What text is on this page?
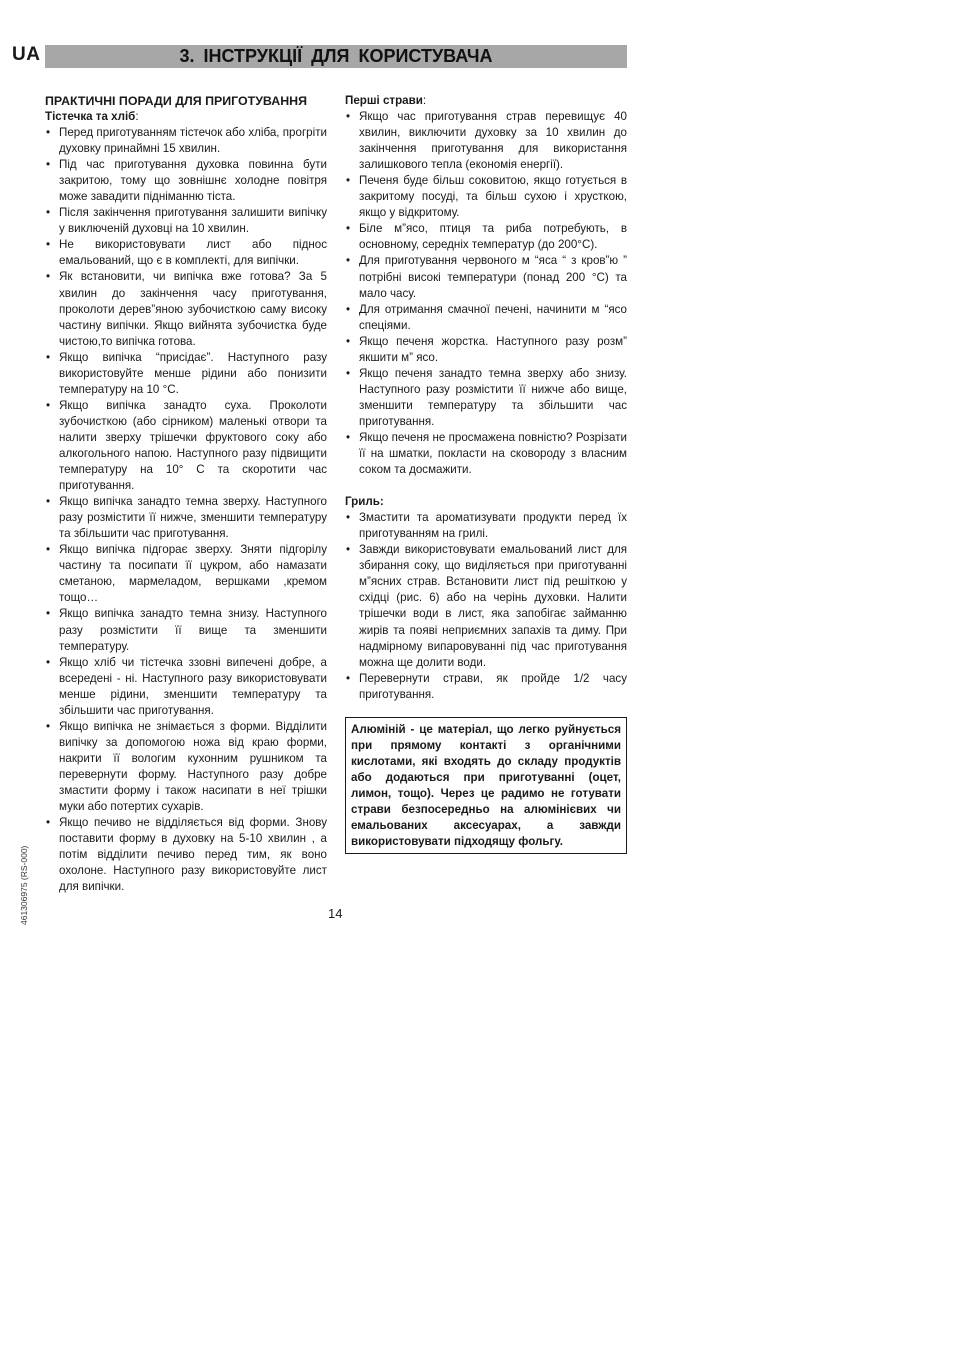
UA	3. ІНСТРУКЦІЇ ДЛЯ КОРИСТУВАЧА
ПРАКТИЧНІ ПОРАДИ ДЛЯ ПРИГОТУВАННЯ
Тістечка та хліб:
• Перед приготуванням тістечок або хліба, прогріти духовку принаймні 15 хвилин.
• Під час приготування духовка повинна бути закритою, тому що зовнішнє холодне повітря може завадити підніманню тіста.
• Після закінчення приготування залишити випічку у виключеній духовці на 10 хвилин.
• Не використовувати лист або піднос емальований, що є в комплекті, для випічки.
• Як встановити, чи випічка вже готова? За 5 хвилин до закінчення часу приготування, проколоти дерев”яною зубочисткою саму високу частину випічки. Якщо вийнята зубочистка буде чистою,то випічка готова.
• Якщо випічка “присідає”. Наступного разу використовуйте менше рідини або понизити температуру на 10 °С.
• Якщо випічка занадто суха. Проколоти зубочисткою (або сірником) маленькі отвори та налити зверху трішечки фруктового соку або алкогольного напою. Наступного разу підвищити температуру на 10° С та скоротити час приготування.
• Якщо випічка занадто темна зверху. Наступного разу розмістити її нижче, зменшити температуру та збільшити час приготування.
• Якщо випічка підгорає зверху. Зняти підгорілу частину та посипати її цукром, або намазати сметаною, мармеладом, вершками ,кремом тощо…
• Якщо випічка занадто темна знизу. Наступного разу розмістити її вище та зменшити температуру.
• Якщо хліб чи тістечка ззовні випечені добре, а всередені - ні. Наступного разу використовувати менше рідини, зменшити температуру та збільшити час приготування.
• Якщо випічка не знімається з форми. Відділити випічку за допомогою ножа від краю форми, накрити її вологим кухонним рушником та перевернути форму. Наступного разу добре змастити форму і також насипати в неї трішки муки або потертих сухарів.
• Якщо печиво не відділяється від форми. Знову поставити форму в духовку на 5-10 хвилин , а потім відділити печиво перед тим, як воно охолоне. Наступного разу використовуйте лист для випічки.
Перші страви:
• Якщо час приготування страв перевищує 40 хвилин, виключити духовку за 10 хвилин до закінчення приготування для використання залишкового тепла (економія енергії).
• Печеня буде більш соковитою, якщо готується в закритому посуді, та більш сухою і хрусткою, якщо у відкритому.
• Біле м”ясо, птиця та риба потребують, в основному, середніх температур (до 200°С).
• Для приготування червоного м “яса “ з кров”ю ” потрібні високі температури (понад 200 °С) та мало часу.
• Для отримання смачної печені, начинити м “ясо спеціями.
• Якщо печеня жорстка. Наступного разу розм” якшити м” ясо.
• Якщо печеня занадто темна зверху або знизу. Наступного разу розмістити її нижче або вище, зменшити температуру та збільшити час приготування.
• Якщо печеня не просмажена повністю? Розрізати її на шматки, покласти на сковороду з власним соком та досмажити.
Гриль:
• Змастити та ароматизувати продукти перед їх приготуванням на грилі.
• Завжди використовувати емальований лист для збирання соку, що виділяється при приготуванні м”ясних страв. Встановити лист під решіткою у східці (рис. 6) або на черінь духовки. Налити трішечки води в лист, яка запобігає займанню жирів та появі неприємних запахів та диму. При надмірному випаровуванні під час приготування можна ще долити води.
• Перевернути страви, як пройде 1/2 часу приготування.
Алюміній - це матеріал, що легко руйнується при прямому контакті з органічними кислотами, які входять до складу продуктів або додаються при приготуванні (оцет, лимон, тощо). Через це радимо не готувати страви безпосередньо на алюмінієвих чи емальованих аксесуарах, а завжди використовувати підходящу фольгу.
461306975 (RS-000)	14
